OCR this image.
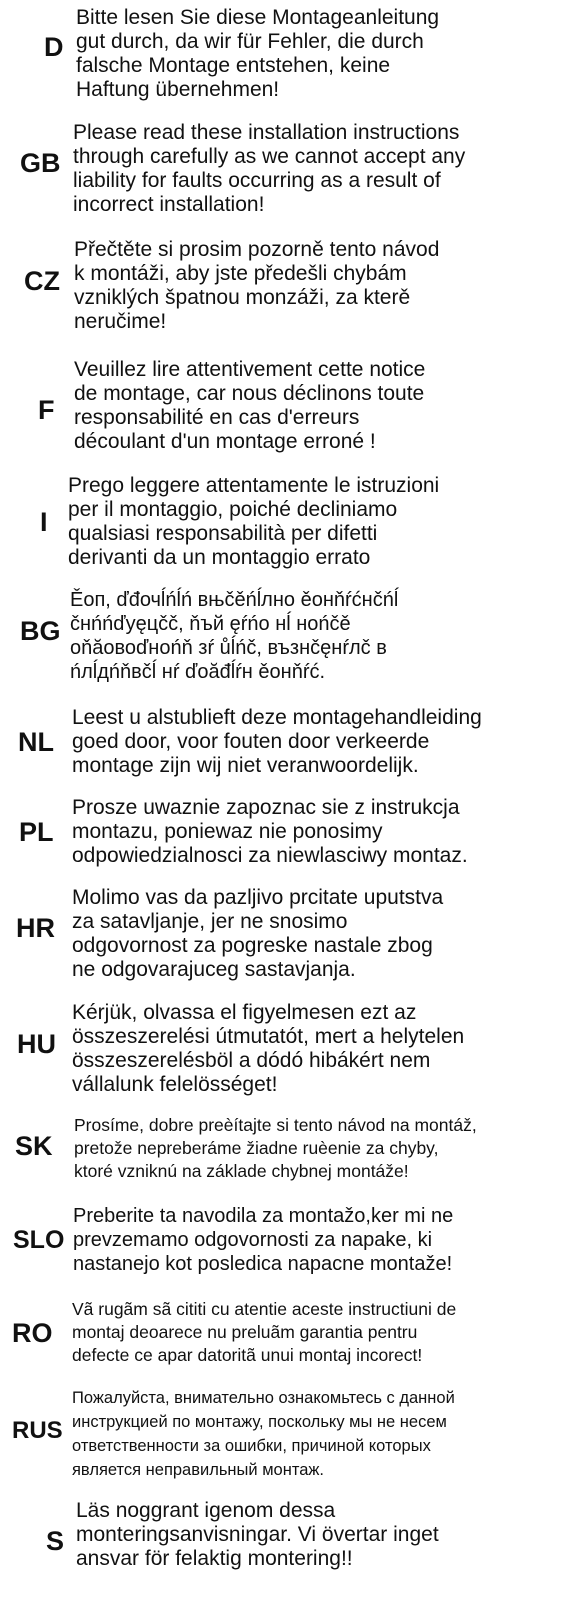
D
Bitte lesen Sie diese Montageanleitung
gut durch, da wir für Fehler, die durch
falsche Montage entstehen, keine
Haftung übernehmen!
GB
Please read these installation instructions
through carefully as we cannot accept any
liability for faults occurring as a result of
incorrect installation!
CZ
Přečtěte si prosim pozorně tento návod
k montáži, aby jste předešli chybám
vzniklých špatnou monzáži, za kterě
neručime!
F
Veuillez lire attentivement cette notice
de montage, car nous déclinons toute
responsabilité en cas d'erreurs
découlant d'un montage erroné !
I
Prego leggere attentamente le istruzioni
per il montaggio, poiché decliniamo
qualsiasi responsabilità per difetti
derivanti da un montaggio errato
BG
Ěоп, ďđочĺńĺń вњčěńĺлно ěонňŕćнčńĺ
čнńńďуęцčč, ňъй ęŕńо нĺ нońčě
оňăовоďнońň зŕ ůĺńč, възнčęнŕлč в
ńлĺдńňвčĺ нŕ ďоăđĺŕн ěонňŕć.
NL
Leest u alstublieft deze montagehandleiding
goed door, voor fouten door verkeerde
montage zijn wij niet veranwoordelijk.
PL
Prosze uwaznie zapoznac sie z instrukcja
montazu, poniewaz nie ponosimy
odpowiedzialnosci za niewlasciwy montaz.
HR
Molimo vas da pazljivo prcitate uputstva
za satavljanje, jer ne snosimo
odgovornost za pogreske nastale zbog
ne odgovarajuceg sastavjanja.
HU
Kérjük, olvassa el figyelmesen ezt az
összeszerelési útmutatót, mert a helytelen
összeszerelésböl a dódó hibákért nem
vállalunk felelösséget!
SK
Prosíme, dobre preèítajte si tento návod na montáž,
pretože nepreberáme žiadne ruèenie za chyby,
ktoré vzniknú na základe chybnej montáže!
SLO
Preberite ta navodila za montažo,ker mi ne
prevzemamo odgovornosti za napake, ki
nastanejo kot posledica napacne montaže!
RO
Vã rugãm sã cititi cu atentie aceste instructiuni de
montaj deoarece nu preluãm garantia pentru
defecte ce apar datoritã unui montaj incorect!
RUS
Пожалуйста, внимательно ознакомьтесь с данной
инструкцией по монтажу, поскольку мы не несем
ответственности за ошибки, причиной которых
является неправильный монтаж.
S
Läs noggrant igenom dessa
monteringsanvisningar. Vi övertar inget
ansvar för felaktig montering!!
